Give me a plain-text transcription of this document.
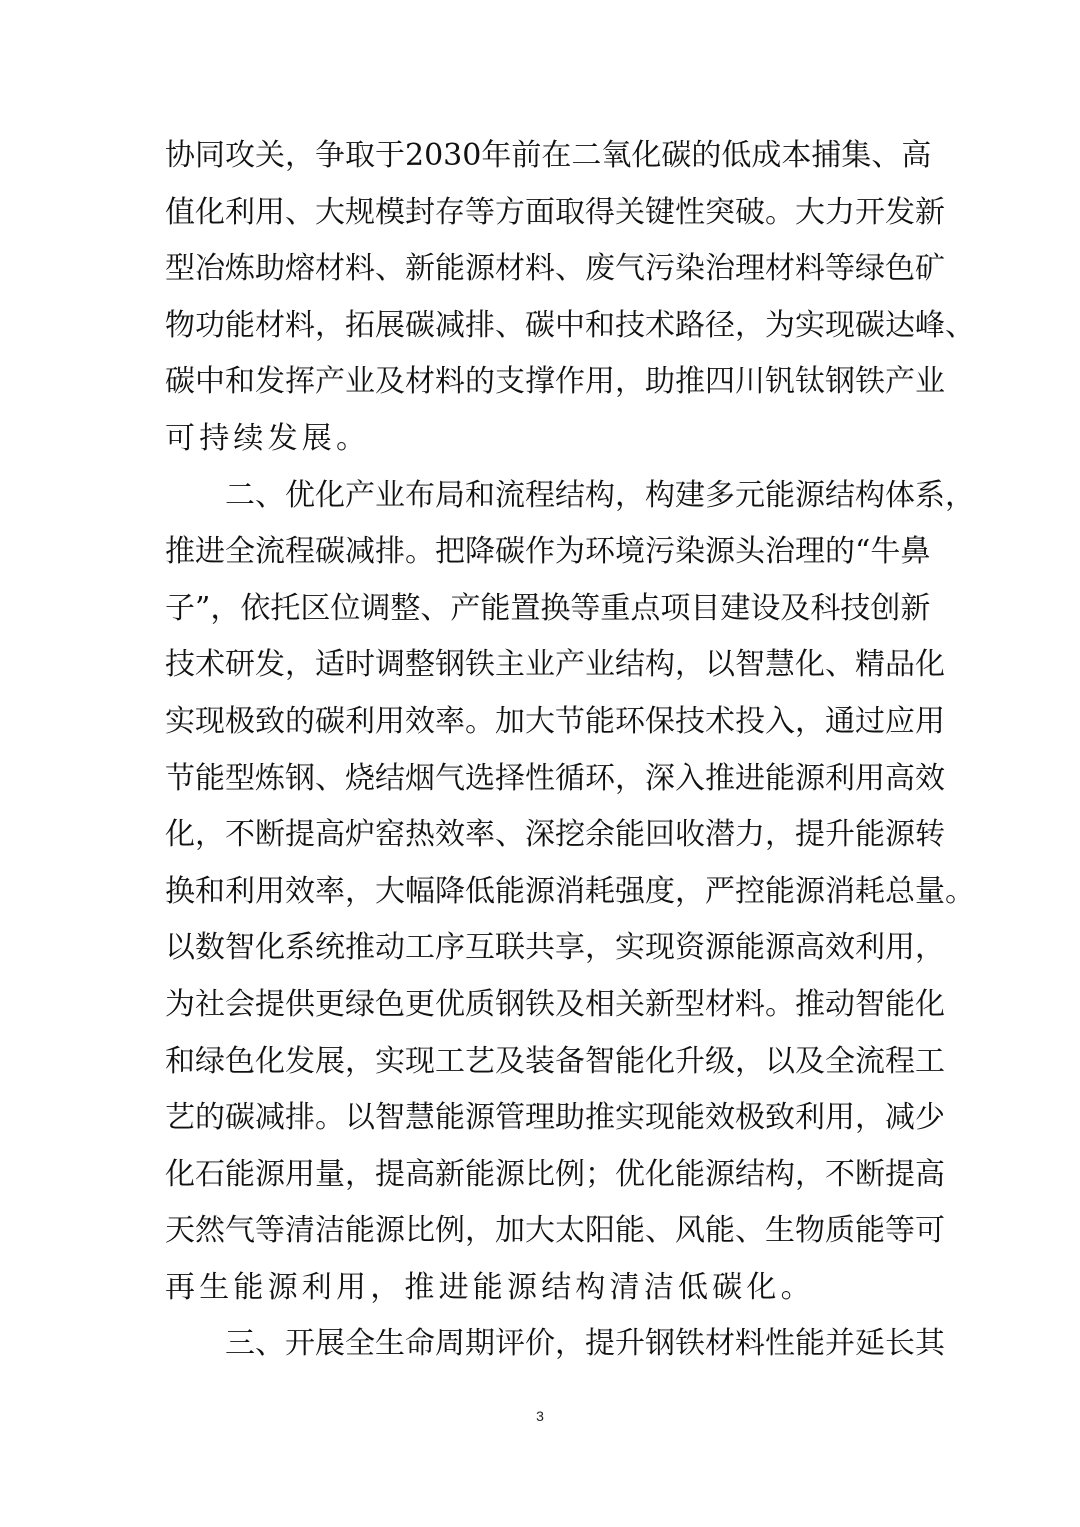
协同攻关，争取于2030年前在二氧化碳的低成本捕集、高
值化利用、大规模封存等方面取得关键性突破。大力开发新
型冶炼助熔材料、新能源材料、废气污染治理材料等绿色矿
物功能材料，拓展碳减排、碳中和技术路径，为实现碳达峰、
碳中和发挥产业及材料的支撑作用，助推四川钒钛钢铁产业
可持续发展。
　　二、优化产业布局和流程结构，构建多元能源结构体系，
推进全流程碳减排。把降碳作为环境污染源头治理的“牛鼻
子”，依托区位调整、产能置换等重点项目建设及科技创新
技术研发，适时调整钢铁主业产业结构，以智慧化、精品化
实现极致的碳利用效率。加大节能环保技术投入，通过应用
节能型炼钢、烧结烟气选择性循环，深入推进能源利用高效
化，不断提高炉窑热效率、深挖余能回收潜力，提升能源转
换和利用效率，大幅降低能源消耗强度，严控能源消耗总量。
以数智化系统推动工序互联共享，实现资源能源高效利用，
为社会提供更绿色更优质钢铁及相关新型材料。推动智能化
和绿色化发展，实现工艺及装备智能化升级，以及全流程工
艺的碳减排。以智慧能源管理助推实现能效极致利用，减少
化石能源用量，提高新能源比例；优化能源结构，不断提高
天然气等清洁能源比例，加大太阳能、风能、生物质能等可
再生能源利用，推进能源结构清洁低碳化。
　　三、开展全生命周期评价，提升钢铁材料性能并延长其
3
